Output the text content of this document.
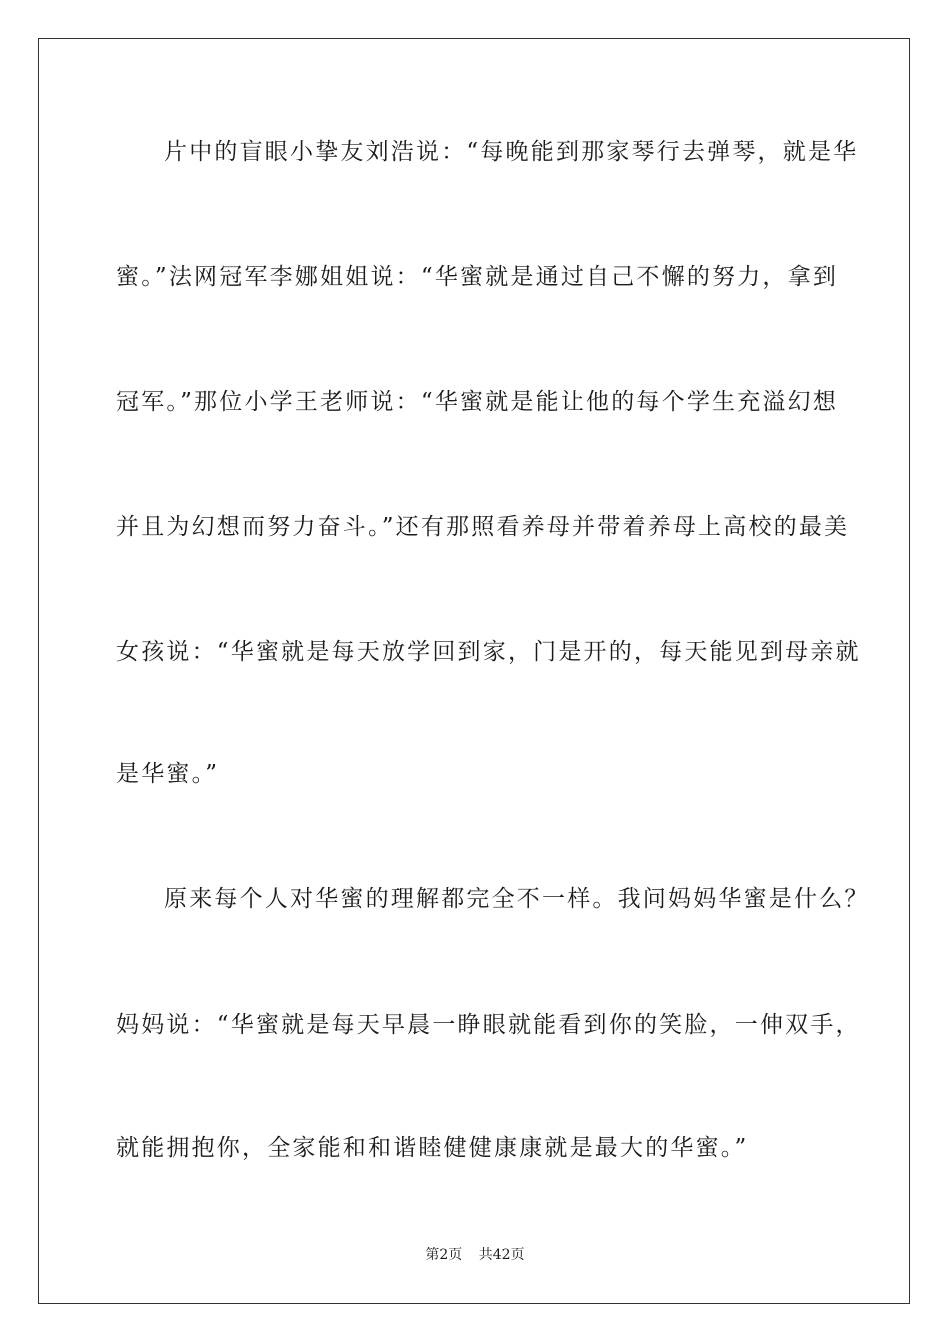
片中的盲眼小挚友刘浩说：“每晚能到那家琴行去弹琴，就是华
蜜。”法网冠军李娜姐姐说：“华蜜就是通过自己不懈的努力，拿到
冠军。”那位小学王老师说：“华蜜就是能让他的每个学生充溢幻想
并且为幻想而努力奋斗。”还有那照看养母并带着养母上高校的最美
女孩说：“华蜜就是每天放学回到家，门是开的，每天能见到母亲就
是华蜜。”
原来每个人对华蜜的理解都完全不一样。我问妈妈华蜜是什么？
妈妈说：“华蜜就是每天早晨一睁眼就能看到你的笑脸，一伸双手，
就能拥抱你，全家能和和谐睦健健康康就是最大的华蜜。”
第2页 共42页
